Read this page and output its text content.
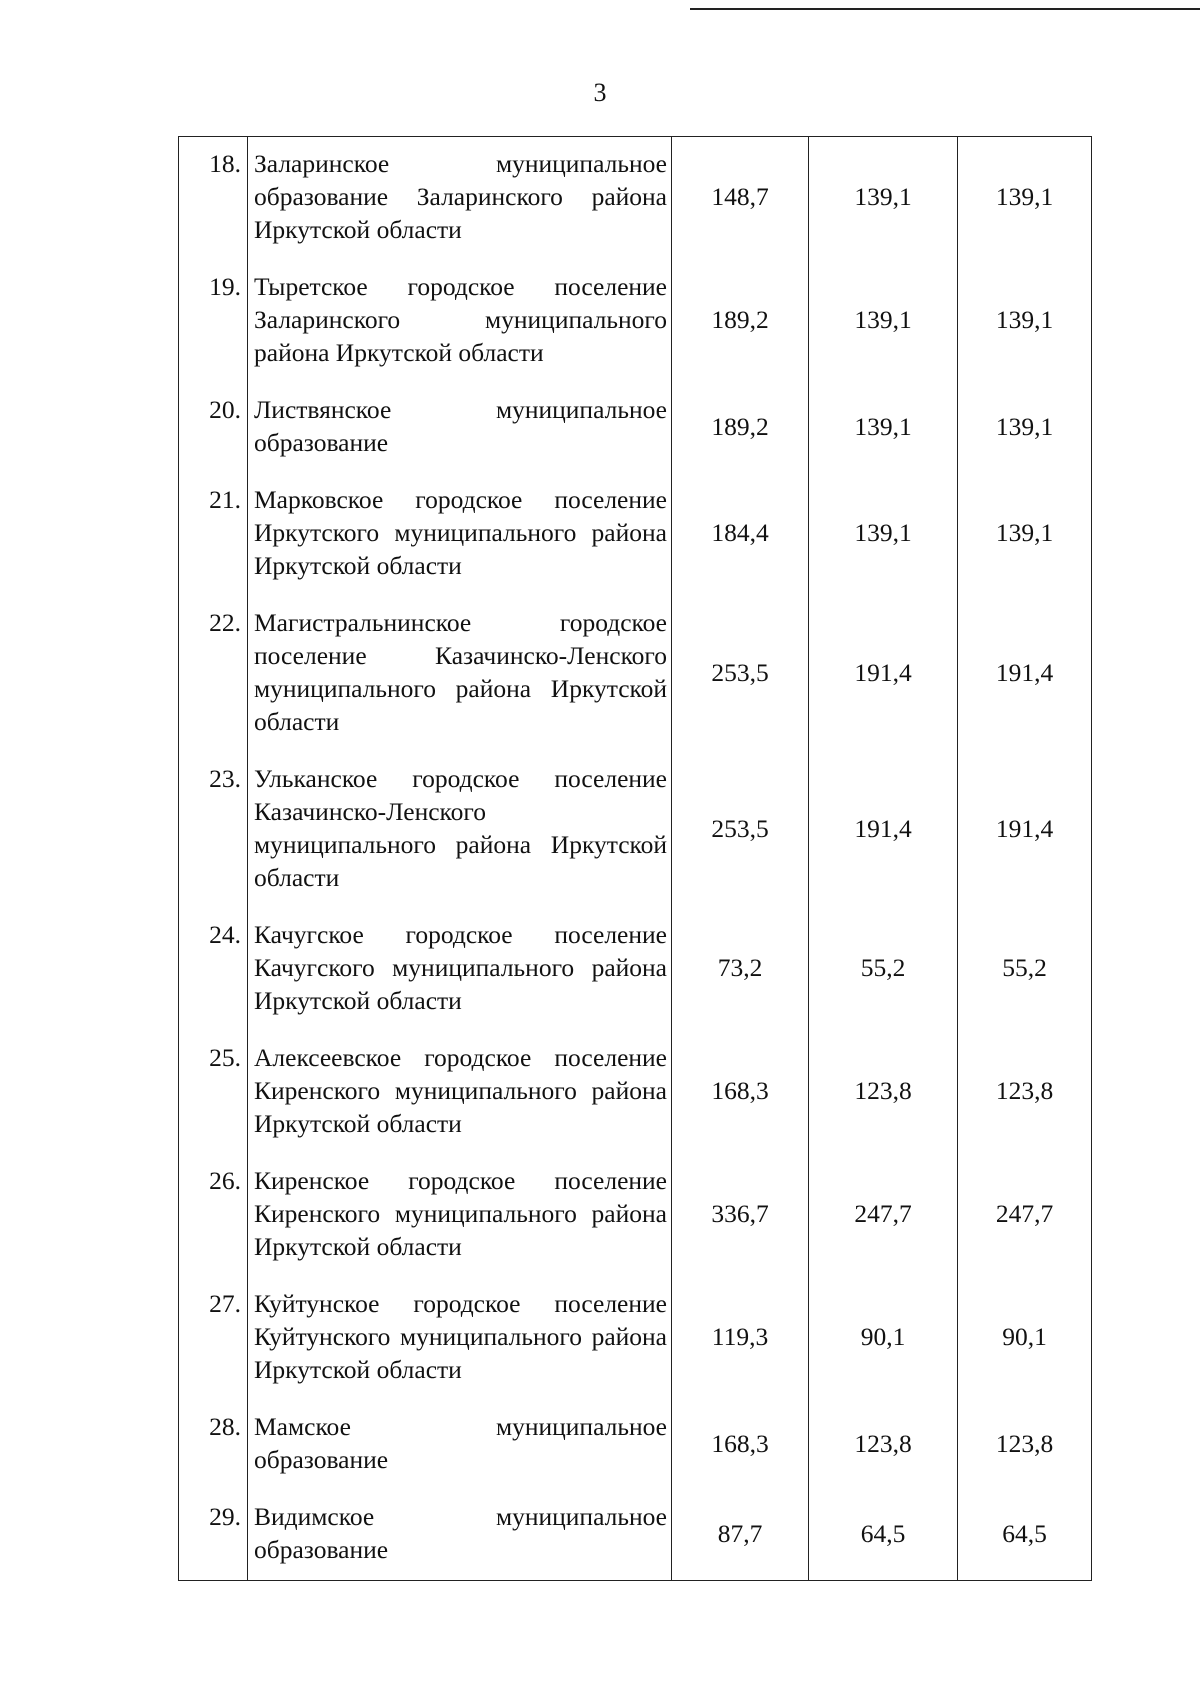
3
18.	Заларинское муниципальное образование Заларинского района Иркутской области	148,7	139,1	139,1
19.	Тыретское городское поселение Заларинского муниципального района Иркутской области	189,2	139,1	139,1
20.	Листвянское муниципальное образование	189,2	139,1	139,1
21.	Марковское городское поселение Иркутского муниципального района Иркутской области	184,4	139,1	139,1
22.	Магистральнинское городское поселение Казачинско-Ленского муниципального района Иркутской области	253,5	191,4	191,4
23.	Ульканское городское поселение Казачинско-Ленского муниципального района Иркутской области	253,5	191,4	191,4
24.	Качугское городское поселение Качугского муниципального района Иркутской области	73,2	55,2	55,2
25.	Алексеевское городское поселение Киренского муниципального района Иркутской области	168,3	123,8	123,8
26.	Киренское городское поселение Киренского муниципального района Иркутской области	336,7	247,7	247,7
27.	Куйтунское городское поселение Куйтунского муниципального района Иркутской области	119,3	90,1	90,1
28.	Мамское муниципальное образование	168,3	123,8	123,8
29.	Видимское муниципальное образование	87,7	64,5	64,5
